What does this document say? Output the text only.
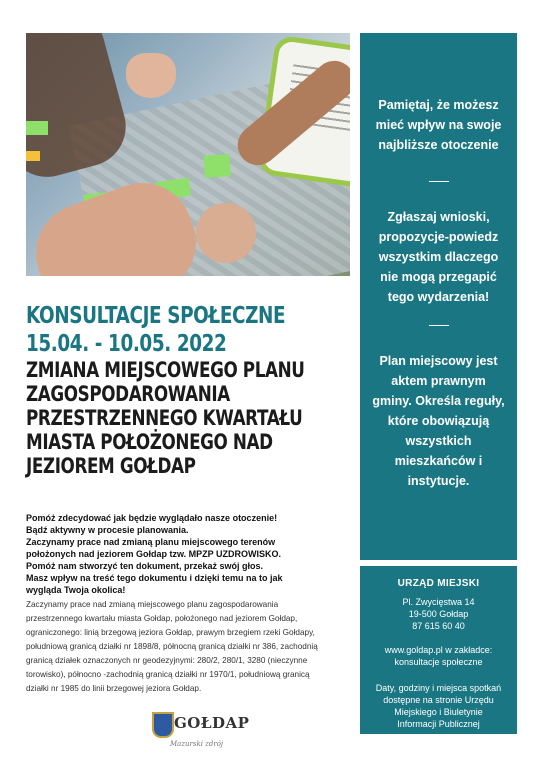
Pamiętaj, że możesz
mieć wpływ na swoje
najbliższe otoczenie
Zgłaszaj wnioski,
propozycje-powiedz
wszystkim dlaczego
nie mogą przegapić
tego wydarzenia!
Plan miejscowy jest
aktem prawnym
gminy. Określa reguły,
które obowiązują
wszystkich
mieszkańców i
instytucje.
URZĄD MIEJSKI
Pl. Zwycięstwa 14
19-500 Gołdap
87 615 60 40
www.goldap.pl w zakładce:
konsultacje społeczne
Daty, godziny i miejsca spotkań
dostępne na stronie Urzędu
Miejskiego i Biuletynie
Informacji Publicznej
KONSULTACJE SPOŁECZNE
15.04. - 10.05. 2022
ZMIANA MIEJSCOWEGO PLANU
ZAGOSPODAROWANIA
PRZESTRZENNEGO KWARTAŁU
MIASTA POŁOŻONEGO NAD
JEZIOREM GOŁDAP
Pomóż zdecydować jak będzie wyglądało nasze otoczenie!
Bądź aktywny w procesie planowania.
Zaczynamy prace nad zmianą planu miejscowego terenów
położonych nad jeziorem Gołdap tzw. MPZP UZDROWISKO.
Pomóż nam stworzyć ten dokument, przekaż swój głos.
Masz wpływ na treść tego dokumentu i dzięki temu na to jak
wygląda Twoja okolica!
Zaczynamy prace nad zmianą miejscowego planu zagospodarowania
przestrzennego kwartału miasta Gołdap, położonego nad jeziorem Gołdap,
ograniczonego: linią brzegową jeziora Gołdap, prawym brzegiem rzeki Gołdapy,
południową granicą działki nr 1898/8, północną granicą działki nr 386, zachodnią
granicą działek oznaczonych nr geodezyjnymi: 280/2, 280/1, 3280 (nieczynne
torowisko), północno -zachodnią granicą działki nr 1970/1, południową granicą
działki nr 1985 do linii brzegowej jeziora Gołdap.
GOŁDAP
Mazurski zdrój
